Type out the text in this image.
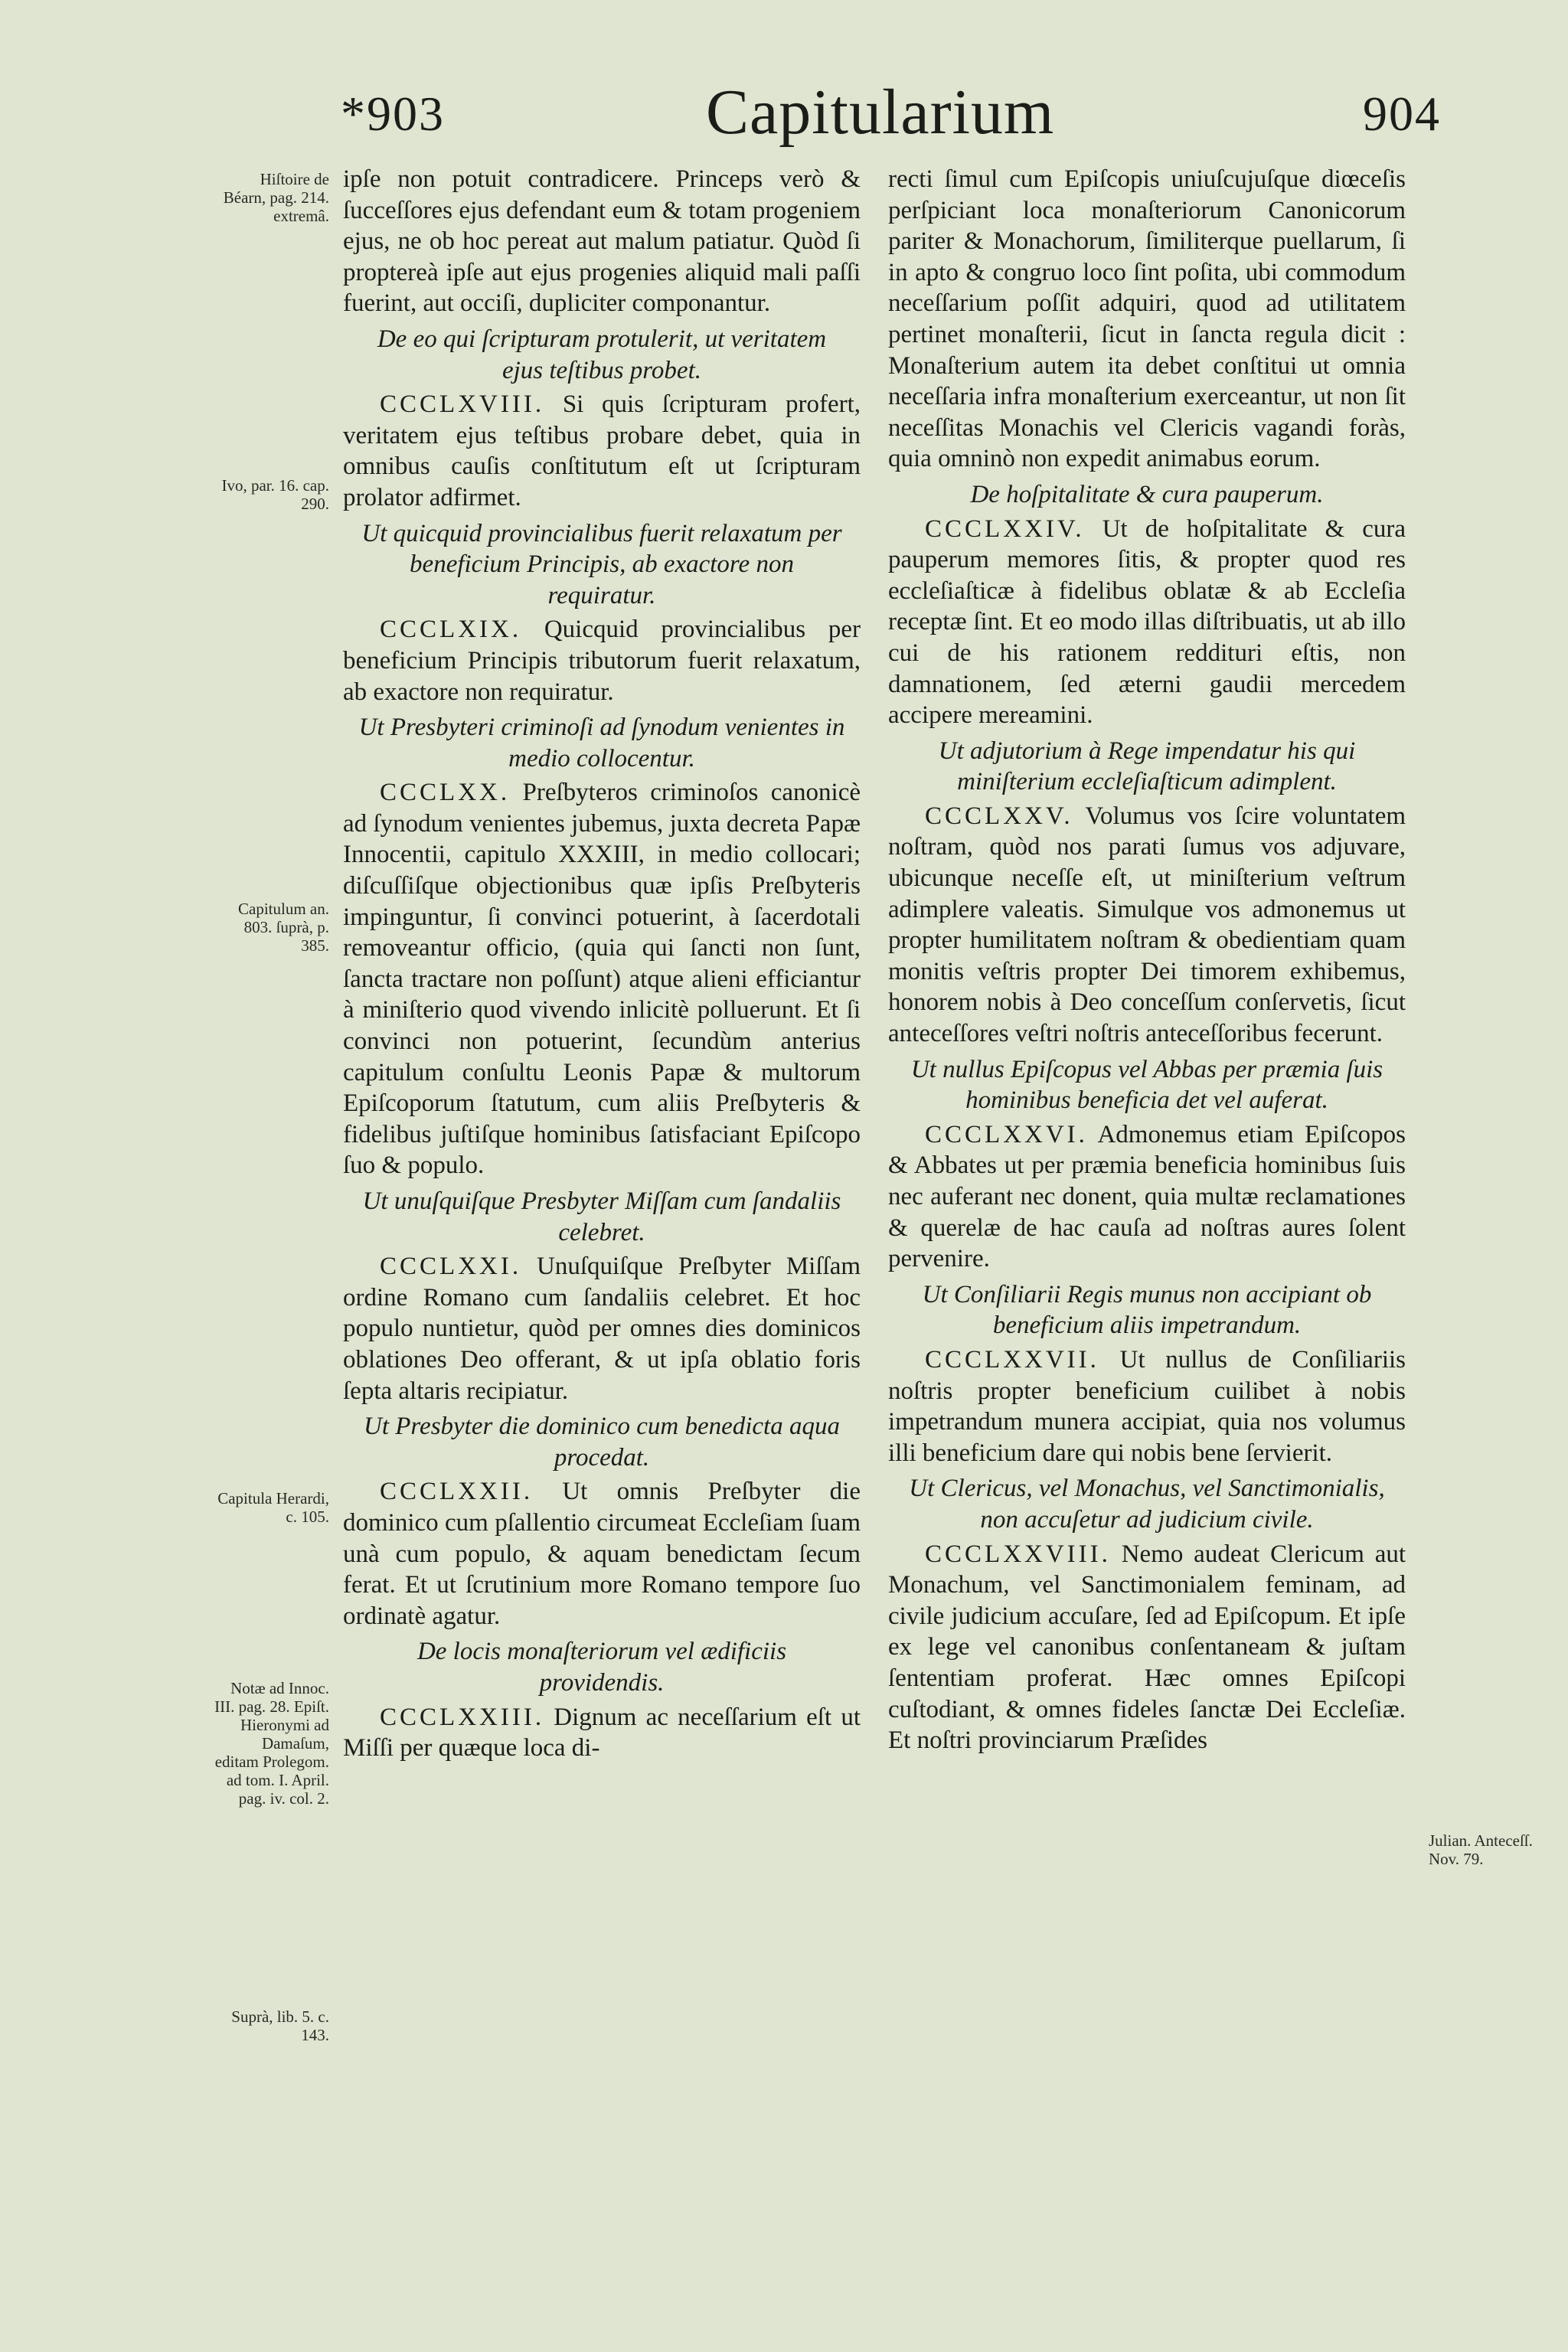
*903	Capitularium	904

ipſe non potuit contradicere. Princeps verò & ſucceſſores ejus defendant eum & totam progeniem ejus, ne ob hoc pereat aut malum patiatur. Quòd ſi proptereà ipſe aut ejus progenies aliquid mali paſſi fuerint, aut occiſi, dupliciter componantur.

De eo qui ſcripturam protulerit, ut veritatem ejus teſtibus probet.

CCCLXVIII. Si quis ſcripturam profert, veritatem ejus teſtibus probare debet, quia in omnibus cauſis conſtitutum eſt ut ſcripturam prolator adfirmet.

Ut quicquid provincialibus fuerit relaxatum per beneficium Principis, ab exactore non requiratur.

CCCLXIX. Quicquid provincialibus per beneficium Principis tributorum fuerit relaxatum, ab exactore non requiratur.

Ut Presbyteri criminoſi ad ſynodum venientes in medio collocentur.

CCCLXX. Preſbyteros criminoſos canonicè ad ſynodum venientes jubemus, juxta decreta Papæ Innocentii, capitulo XXXIII, in medio collocari; diſcuſſiſque objectionibus quæ ipſis Preſbyteris impinguntur, ſi convinci potuerint, à ſacerdotali removeantur officio, (quia qui ſancti non ſunt, ſancta tractare non poſſunt) atque alieni efficiantur à miniſterio quod vivendo inlicitè polluerunt. Et ſi convinci non potuerint, ſecundùm anterius capitulum conſultu Leonis Papæ & multorum Epiſcoporum ſtatutum, cum aliis Preſbyteris & fidelibus juſtiſque hominibus ſatisfaciant Epiſcopo ſuo & populo.

Ut unuſquiſque Presbyter Miſſam cum ſandaliis celebret.

CCCLXXI. Unuſquiſque Preſbyter Miſſam ordine Romano cum ſandaliis celebret. Et hoc populo nuntietur, quòd per omnes dies dominicos oblationes Deo offerant, & ut ipſa oblatio foris ſepta altaris recipiatur.

Ut Presbyter die dominico cum benedicta aqua procedat.

CCCLXXII. Ut omnis Preſbyter die dominico cum pſallentio circumeat Eccleſiam ſuam unà cum populo, & aquam benedictam ſecum ferat. Et ut ſcrutinium more Romano tempore ſuo ordinatè agatur.

De locis monaſteriorum vel ædificiis providendis.

CCCLXXIII. Dignum ac neceſſarium eſt ut Miſſi per quæque loca di-

recti ſimul cum Epiſcopis uniuſcujuſque diœceſis perſpiciant loca monaſteriorum Canonicorum pariter & Monachorum, ſimiliterque puellarum, ſi in apto & congruo loco ſint poſita, ubi commodum neceſſarium poſſit adquiri, quod ad utilitatem pertinet monaſterii, ſicut in ſancta regula dicit : Monaſterium autem ita debet conſtitui ut omnia neceſſaria infra monaſterium exerceantur, ut non ſit neceſſitas Monachis vel Clericis vagandi foràs, quia omninò non expedit animabus eorum.

De hoſpitalitate & cura pauperum.

CCCLXXIV. Ut de hoſpitalitate & cura pauperum memores ſitis, & propter quod res eccleſiaſticæ à fidelibus oblatæ & ab Eccleſia receptæ ſint. Et eo modo illas diſtribuatis, ut ab illo cui de his rationem reddituri eſtis, non damnationem, ſed æterni gaudii mercedem accipere mereamini.

Ut adjutorium à Rege impendatur his qui miniſterium eccleſiaſticum adimplent.

CCCLXXV. Volumus vos ſcire voluntatem noſtram, quòd nos parati ſumus vos adjuvare, ubicunque neceſſe eſt, ut miniſterium veſtrum adimplere valeatis. Simulque vos admonemus ut propter humilitatem noſtram & obedientiam quam monitis veſtris propter Dei timorem exhibemus, honorem nobis à Deo conceſſum conſervetis, ſicut anteceſſores veſtri noſtris anteceſſoribus fecerunt.

Ut nullus Epiſcopus vel Abbas per præmia ſuis hominibus beneficia det vel auferat.

CCCLXXVI. Admonemus etiam Epiſcopos & Abbates ut per præmia beneficia hominibus ſuis nec auferant nec donent, quia multæ reclamationes & querelæ de hac cauſa ad noſtras aures ſolent pervenire.

Ut Conſiliarii Regis munus non accipiant ob beneficium aliis impetrandum.

CCCLXXVII. Ut nullus de Conſiliariis noſtris propter beneficium cuilibet à nobis impetrandum munera accipiat, quia nos volumus illi beneficium dare qui nobis bene ſervierit.

Ut Clericus, vel Monachus, vel Sanctimonialis, non accuſetur ad judicium civile.

CCCLXXVIII. Nemo audeat Clericum aut Monachum, vel Sanctimonialem feminam, ad civile judicium accuſare, ſed ad Epiſcopum. Et ipſe ex lege vel canonibus conſentaneam & juſtam ſententiam proferat. Hæc omnes Epiſcopi cuſtodiant, & omnes fideles ſanctæ Dei Eccleſiæ. Et noſtri provinciarum Præſides

Hiſtoire de Béarn, pag. 214. extremâ.
Ivo, par. 16. cap. 290.
Capitulum an. 803. ſuprà, p. 385.
Capitula Herardi, c. 105.
Notæ ad Innoc. III. pag. 28. Epiſt. Hieronymi ad Damaſum, editam Prolegom. ad tom. I. April. pag. iv. col. 2.
Suprà, lib. 5. c. 143.
Julian. Anteceſſ. Nov. 79.
